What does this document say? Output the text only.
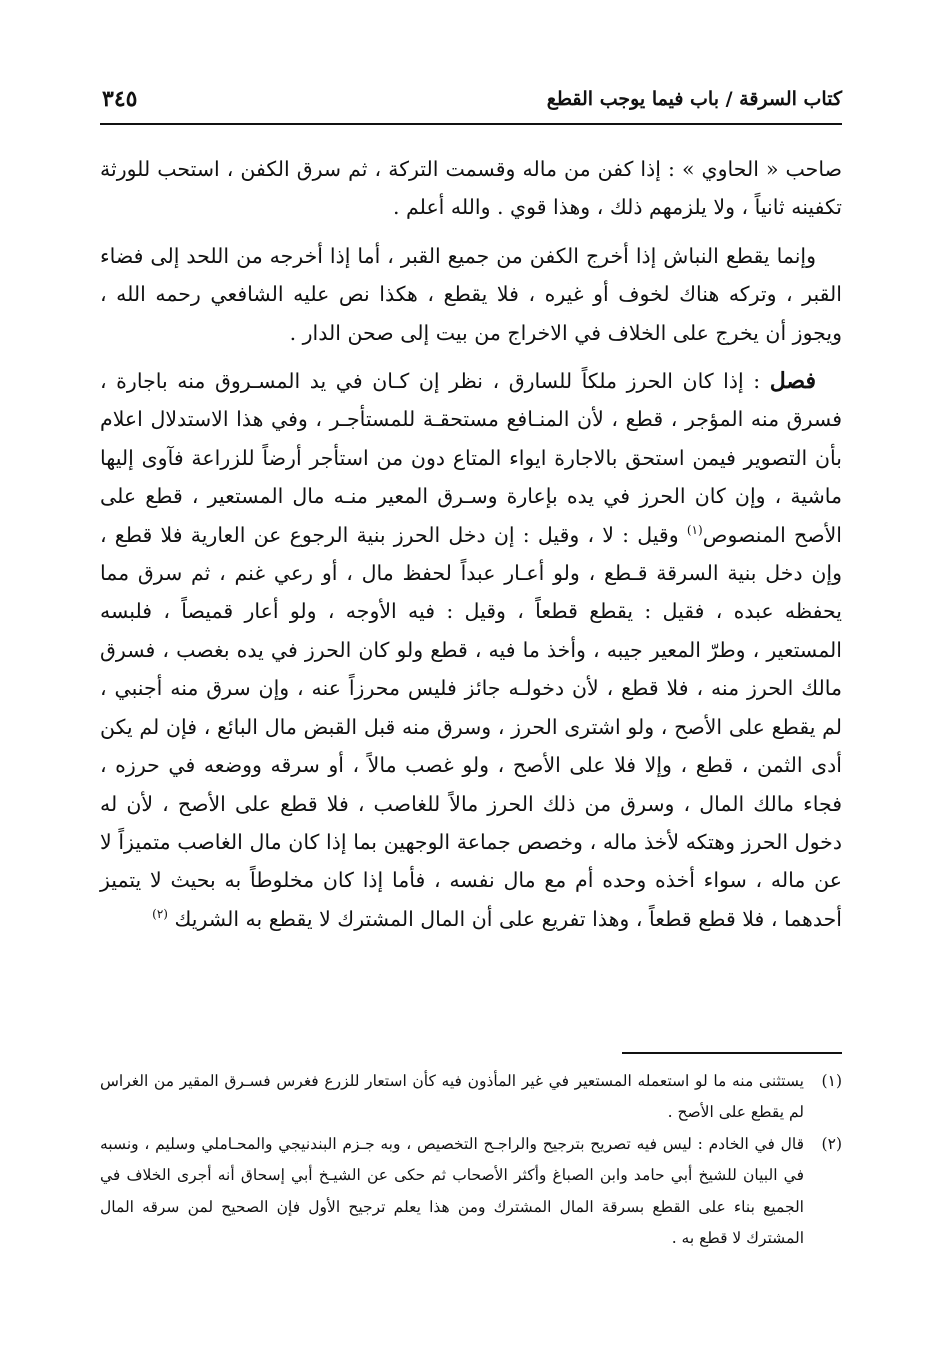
كتاب السرقة / باب فيما يوجب القطع
٣٤٥

صاحب « الحاوي » : إذا كفن من ماله وقسمت التركة ، ثم سرق الكفن ، استحب للورثة تكفينه ثانياً ، ولا يلزمهم ذلك ، وهذا قوي . والله أعلم .

وإنما يقطع النباش إذا أخرج الكفن من جميع القبر ، أما إذا أخرجه من اللحد إلى فضاء القبر ، وتركه هناك لخوف أو غيره ، فلا يقطع ، هكذا نص عليه الشافعي رحمه الله ، ويجوز أن يخرج على الخلاف في الاخراج من بيت إلى صحن الدار .

فصل : إذا كان الحرز ملكاً للسارق ، نظر إن كـان في يد المسـروق منه باجارة ، فسرق منه المؤجر ، قطع ، لأن المنـافع مستحقـة للمستأجـر ، وفي هذا الاستدلال اعلام بأن التصوير فيمن استحق بالاجارة ايواء المتاع دون من استأجر أرضاً للزراعة فآوى إليها ماشية ، وإن كان الحرز في يده بإعارة وسـرق المعير منـه مال المستعير ، قطع على الأصح المنصوص$^{(١)}$ وقيل : لا ، وقيل : إن دخل الحرز بنية الرجوع عن العارية فلا قطع ، وإن دخل بنية السرقة قـطع ، ولو أعـار عبداً لحفظ مال ، أو رعي غنم ، ثم سرق مما يحفظه عبده ، فقيل : يقطع قطعاً ، وقيل : فيه الأوجه ، ولو أعار قميصاً ، فلبسه المستعير ، وطرّ المعير جيبه ، وأخذ ما فيه ، قطع ولو كان الحرز في يده بغصب ، فسرق مالك الحرز منه ، فلا قطع ، لأن دخولـه جائز فليس محرزاً عنه ، وإن سرق منه أجنبي ، لم يقطع على الأصح ، ولو اشترى الحرز ، وسرق منه قبل القبض مال البائع ، فإن لم يكن أدى الثمن ، قطع ، وإلا فلا على الأصح ، ولو غصب مالاً ، أو سرقه ووضعه في حرزه ، فجاء مالك المال ، وسرق من ذلك الحرز مالاً للغاصب ، فلا قطع على الأصح ، لأن له دخول الحرز وهتكه لأخذ ماله ، وخصص جماعة الوجهين بما إذا كان مال الغاصب متميزاً لا عن ماله ، سواء أخذه وحده أم مع مال نفسه ، فأما إذا كان مخلوطاً به بحيث لا يتميز أحدهما ، فلا قطع قطعاً ، وهذا تفريع على أن المال المشترك لا يقطع به الشريك $^{(٢)}$

(١)
يستثنى منه ما لو استعمله المستعير في غير المأذون فيه كأن استعار للزرع فغرس فسـرق المقير من الغراس لم يقطع على الأصح .

(٢)
قال في الخادم : ليس فيه تصريح بترجيح والراجـح التخصيص ، وبه جـزم البندنيجي والمحـاملي وسليم ، ونسبه في البيان للشيخ أبي حامد وابن الصباغ وأكثر الأصحاب ثم حكى عن الشيـخ أبي إسحاق أنه أجرى الخلاف في الجميع بناء على القطع بسرقة المال المشترك ومن هذا يعلم ترجيح الأول فإن الصحيح لمن سرقه المال المشترك لا قطع به .
